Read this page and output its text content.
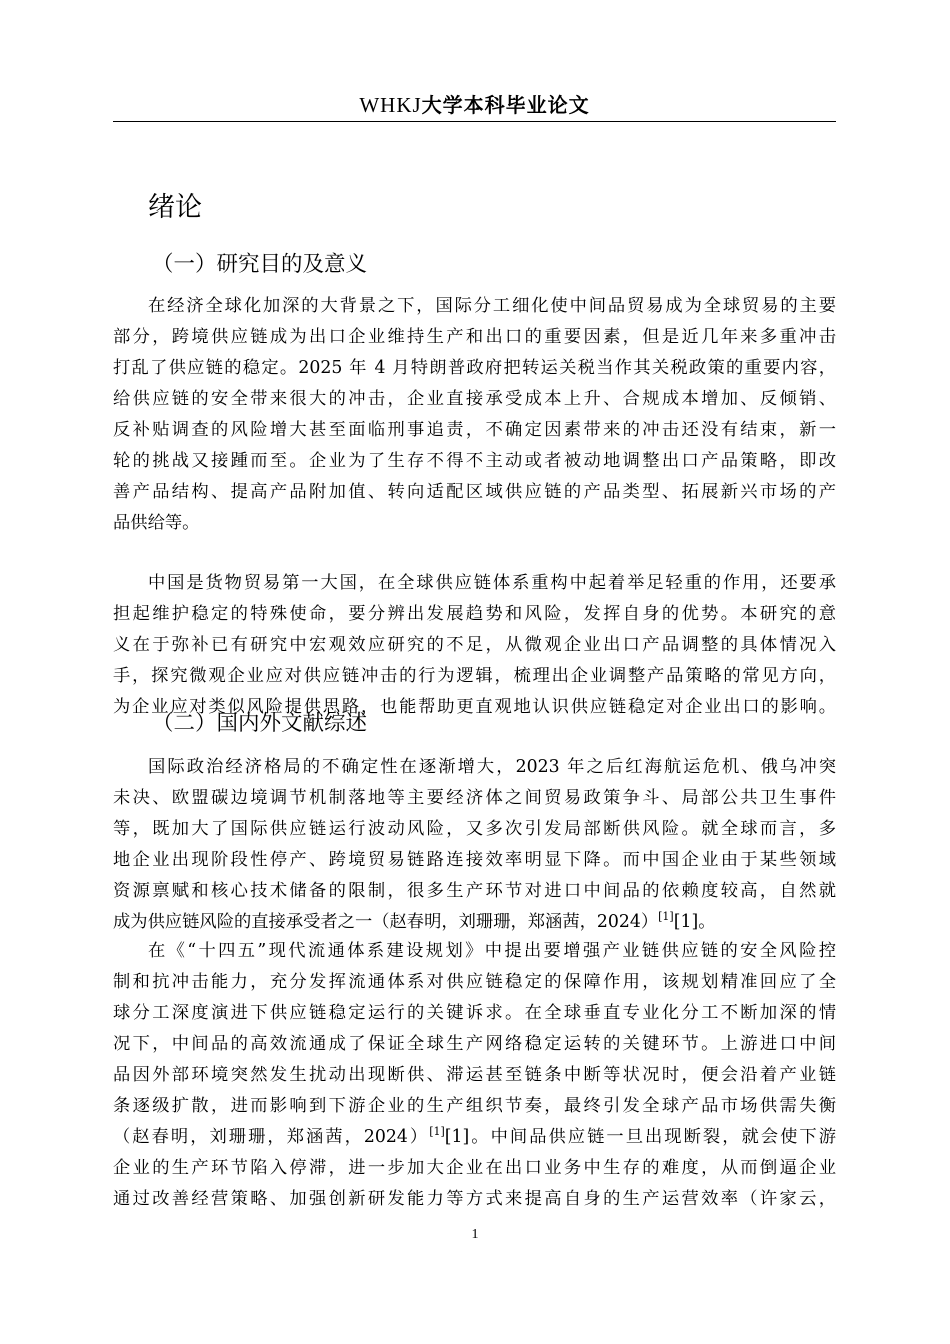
WHKJ大学本科毕业论文
绪论
（一）研究目的及意义
在经济全球化加深的大背景之下，国际分工细化使中间品贸易成为全球贸易的主要
部分，跨境供应链成为出口企业维持生产和出口的重要因素，但是近几年来多重冲击
打乱了供应链的稳定。2025 年 4 月特朗普政府把转运关税当作其关税政策的重要内容，
给供应链的安全带来很大的冲击，企业直接承受成本上升、合规成本增加、反倾销、
反补贴调查的风险增大甚至面临刑事追责，不确定因素带来的冲击还没有结束，新一
轮的挑战又接踵而至。企业为了生存不得不主动或者被动地调整出口产品策略，即改
善产品结构、提高产品附加值、转向适配区域供应链的产品类型、拓展新兴市场的产
品供给等。
中国是货物贸易第一大国，在全球供应链体系重构中起着举足轻重的作用，还要承
担起维护稳定的特殊使命，要分辨出发展趋势和风险，发挥自身的优势。本研究的意
义在于弥补已有研究中宏观效应研究的不足，从微观企业出口产品调整的具体情况入
手，探究微观企业应对供应链冲击的行为逻辑，梳理出企业调整产品策略的常见方向，
为企业应对类似风险提供思路，也能帮助更直观地认识供应链稳定对企业出口的影响。
（二）国内外文献综述
国际政治经济格局的不确定性在逐渐增大，2023 年之后红海航运危机、俄乌冲突
未决、欧盟碳边境调节机制落地等主要经济体之间贸易政策争斗、局部公共卫生事件
等，既加大了国际供应链运行波动风险，又多次引发局部断供风险。就全球而言，多
地企业出现阶段性停产、跨境贸易链路连接效率明显下降。而中国企业由于某些领域
资源禀赋和核心技术储备的限制，很多生产环节对进口中间品的依赖度较高，自然就
成为供应链风险的直接承受者之一（赵春明，刘珊珊，郑涵茜，2024）[1][1]。
在《“十四五”现代流通体系建设规划》中提出要增强产业链供应链的安全风险控
制和抗冲击能力，充分发挥流通体系对供应链稳定的保障作用，该规划精准回应了全
球分工深度演进下供应链稳定运行的关键诉求。在全球垂直专业化分工不断加深的情
况下，中间品的高效流通成了保证全球生产网络稳定运转的关键环节。上游进口中间
品因外部环境突然发生扰动出现断供、滞运甚至链条中断等状况时，便会沿着产业链
条逐级扩散，进而影响到下游企业的生产组织节奏，最终引发全球产品市场供需失衡
（赵春明，刘珊珊，郑涵茜，2024）[1][1]。中间品供应链一旦出现断裂，就会使下游
企业的生产环节陷入停滞，进一步加大企业在出口业务中生存的难度，从而倒逼企业
通过改善经营策略、加强创新研发能力等方式来提高自身的生产运营效率（许家云，
1
